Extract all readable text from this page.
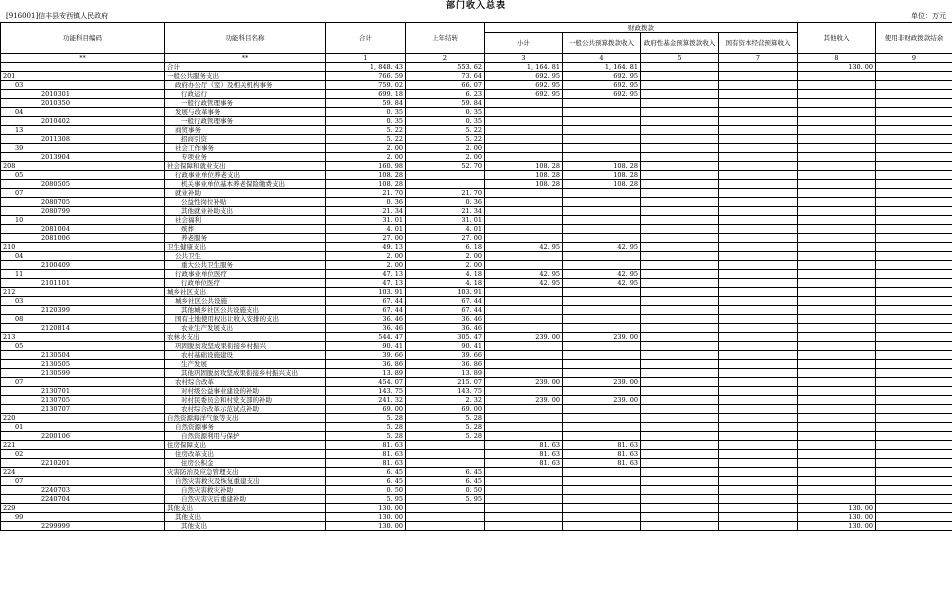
部门收入总表
[916001]信丰县安西镇人民政府	单位：万元
功能科目编码	功能科目名称	合计	上年结转	财政拨款				其他收入	使用非财政拨款结余
				小计	一般公共预算拨款收入	政府性基金预算拨款收入	国有资本经营预算收入		
**	**	1	2	3	4	5	7	8	9
	合计	1, 848. 43	553. 62	1, 164. 81	1, 164. 81			130. 00	
201	一般公共服务支出	766. 59	73. 64	692. 95	692. 95				
03	政府办公厅（室）及相关机构事务	759. 02	66. 07	692. 95	692. 95				
2010301	行政运行	699. 18	6. 23	692. 95	692. 95				
2010350	一般行政管理事务	59. 84	59. 84						
04	发展与改革事务	0. 35	0. 35						
2010402	一般行政管理事务	0. 35	0. 35						
13	商贸事务	5. 22	5. 22						
2011308	招商引资	5. 22	5. 22						
39	社会工作事务	2. 00	2. 00						
2013904	专项业务	2. 00	2. 00						
208	社会保障和就业支出	160. 98	52. 70	108. 28	108. 28				
05	行政事业单位养老支出	108. 28		108. 28	108. 28				
2080505	机关事业单位基本养老保险缴费支出	108. 28		108. 28	108. 28				
07	就业补助	21. 70	21. 70						
2080705	公益性岗位补贴	0. 36	0. 36						
2080799	其他就业补助支出	21. 34	21. 34						
10	社会福利	31. 01	31. 01						
2081004	殡葬	4. 01	4. 01						
2081006	养老服务	27. 00	27. 00						
210	卫生健康支出	49. 13	6. 18	42. 95	42. 95				
04	公共卫生	2. 00	2. 00						
2100409	重大公共卫生服务	2. 00	2. 00						
11	行政事业单位医疗	47. 13	4. 18	42. 95	42. 95				
2101101	行政单位医疗	47. 13	4. 18	42. 95	42. 95				
212	城乡社区支出	103. 91	103. 91						
03	城乡社区公共设施	67. 44	67. 44						
2120399	其他城乡社区公共设施支出	67. 44	67. 44						
08	国有土地使用权出让收入安排的支出	36. 46	36. 46						
2120814	农业生产发展支出	36. 46	36. 46						
213	农林水支出	544. 47	305. 47	239. 00	239. 00				
05	巩固脱贫攻坚成果衔接乡村振兴	90. 41	90. 41						
2130504	农村基础设施建设	39. 66	39. 66						
2130505	生产发展	36. 86	36. 86						
2130599	其他巩固脱贫攻坚成果衔接乡村振兴支出	13. 89	13. 89						
07	农村综合改革	454. 07	215. 07	239. 00	239. 00				
2130701	对村级公益事业建设的补助	143. 75	143. 75						
2130705	对村民委员会和村党支部的补助	241. 32	2. 32	239. 00	239. 00				
2130707	农村综合改革示范试点补助	69. 00	69. 00						
220	自然资源海洋气象等支出	5. 28	5. 28						
01	自然资源事务	5. 28	5. 28						
2200106	自然资源利用与保护	5. 28	5. 28						
221	住房保障支出	81. 63		81. 63	81. 63				
02	住房改革支出	81. 63		81. 63	81. 63				
2210201	住房公积金	81. 63		81. 63	81. 63				
224	灾害防治及应急管理支出	6. 45	6. 45						
07	自然灾害救灾及恢复重建支出	6. 45	6. 45						
2240703	自然灾害救灾补助	0. 50	0. 50						
2240704	自然灾害灾后重建补助	5. 95	5. 95						
229	其他支出	130. 00						130. 00	
99	其他支出	130. 00						130. 00	
2299999	其他支出	130. 00						130. 00	
